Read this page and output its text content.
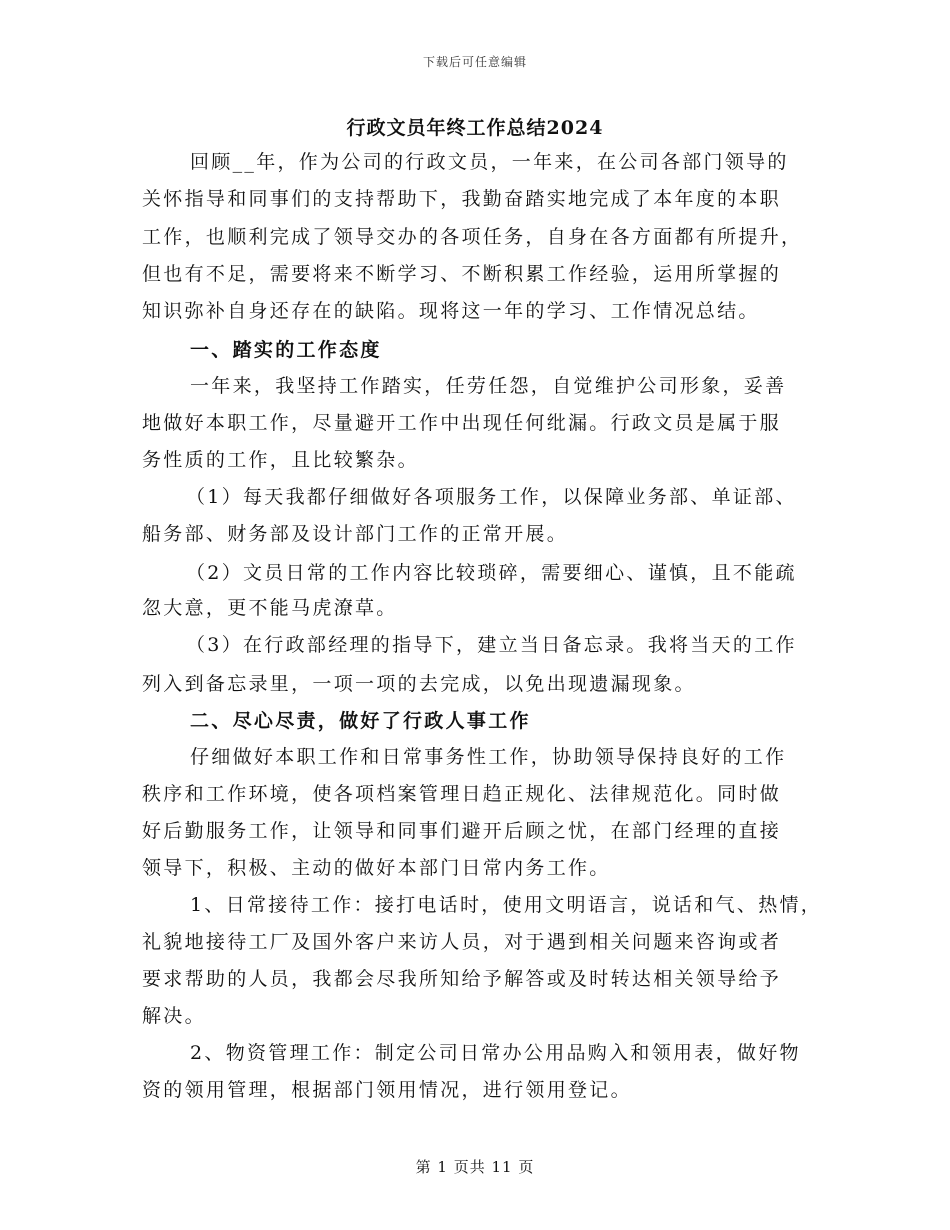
下载后可任意编辑
行政文员年终工作总结2024
回顾__年，作为公司的行政文员，一年来，在公司各部门领导的
关怀指导和同事们的支持帮助下，我勤奋踏实地完成了本年度的本职
工作，也顺利完成了领导交办的各项任务，自身在各方面都有所提升，
但也有不足，需要将来不断学习、不断积累工作经验，运用所掌握的
知识弥补自身还存在的缺陷。现将这一年的学习、工作情况总结。
一、踏实的工作态度
一年来，我坚持工作踏实，任劳任怨，自觉维护公司形象，妥善
地做好本职工作，尽量避开工作中出现任何纰漏。行政文员是属于服
务性质的工作，且比较繁杂。
（1）每天我都仔细做好各项服务工作，以保障业务部、单证部、
船务部、财务部及设计部门工作的正常开展。
（2）文员日常的工作内容比较琐碎，需要细心、谨慎，且不能疏
忽大意，更不能马虎潦草。
（3）在行政部经理的指导下，建立当日备忘录。我将当天的工作
列入到备忘录里，一项一项的去完成，以免出现遗漏现象。
二、尽心尽责，做好了行政人事工作
仔细做好本职工作和日常事务性工作，协助领导保持良好的工作
秩序和工作环境，使各项档案管理日趋正规化、法律规范化。同时做
好后勤服务工作，让领导和同事们避开后顾之忧，在部门经理的直接
领导下，积极、主动的做好本部门日常内务工作。
1、日常接待工作：接打电话时，使用文明语言，说话和气、热情，
礼貌地接待工厂及国外客户来访人员，对于遇到相关问题来咨询或者
要求帮助的人员，我都会尽我所知给予解答或及时转达相关领导给予
解决。
2、物资管理工作：制定公司日常办公用品购入和领用表，做好物
资的领用管理，根据部门领用情况，进行领用登记。
第 1 页共 11 页
